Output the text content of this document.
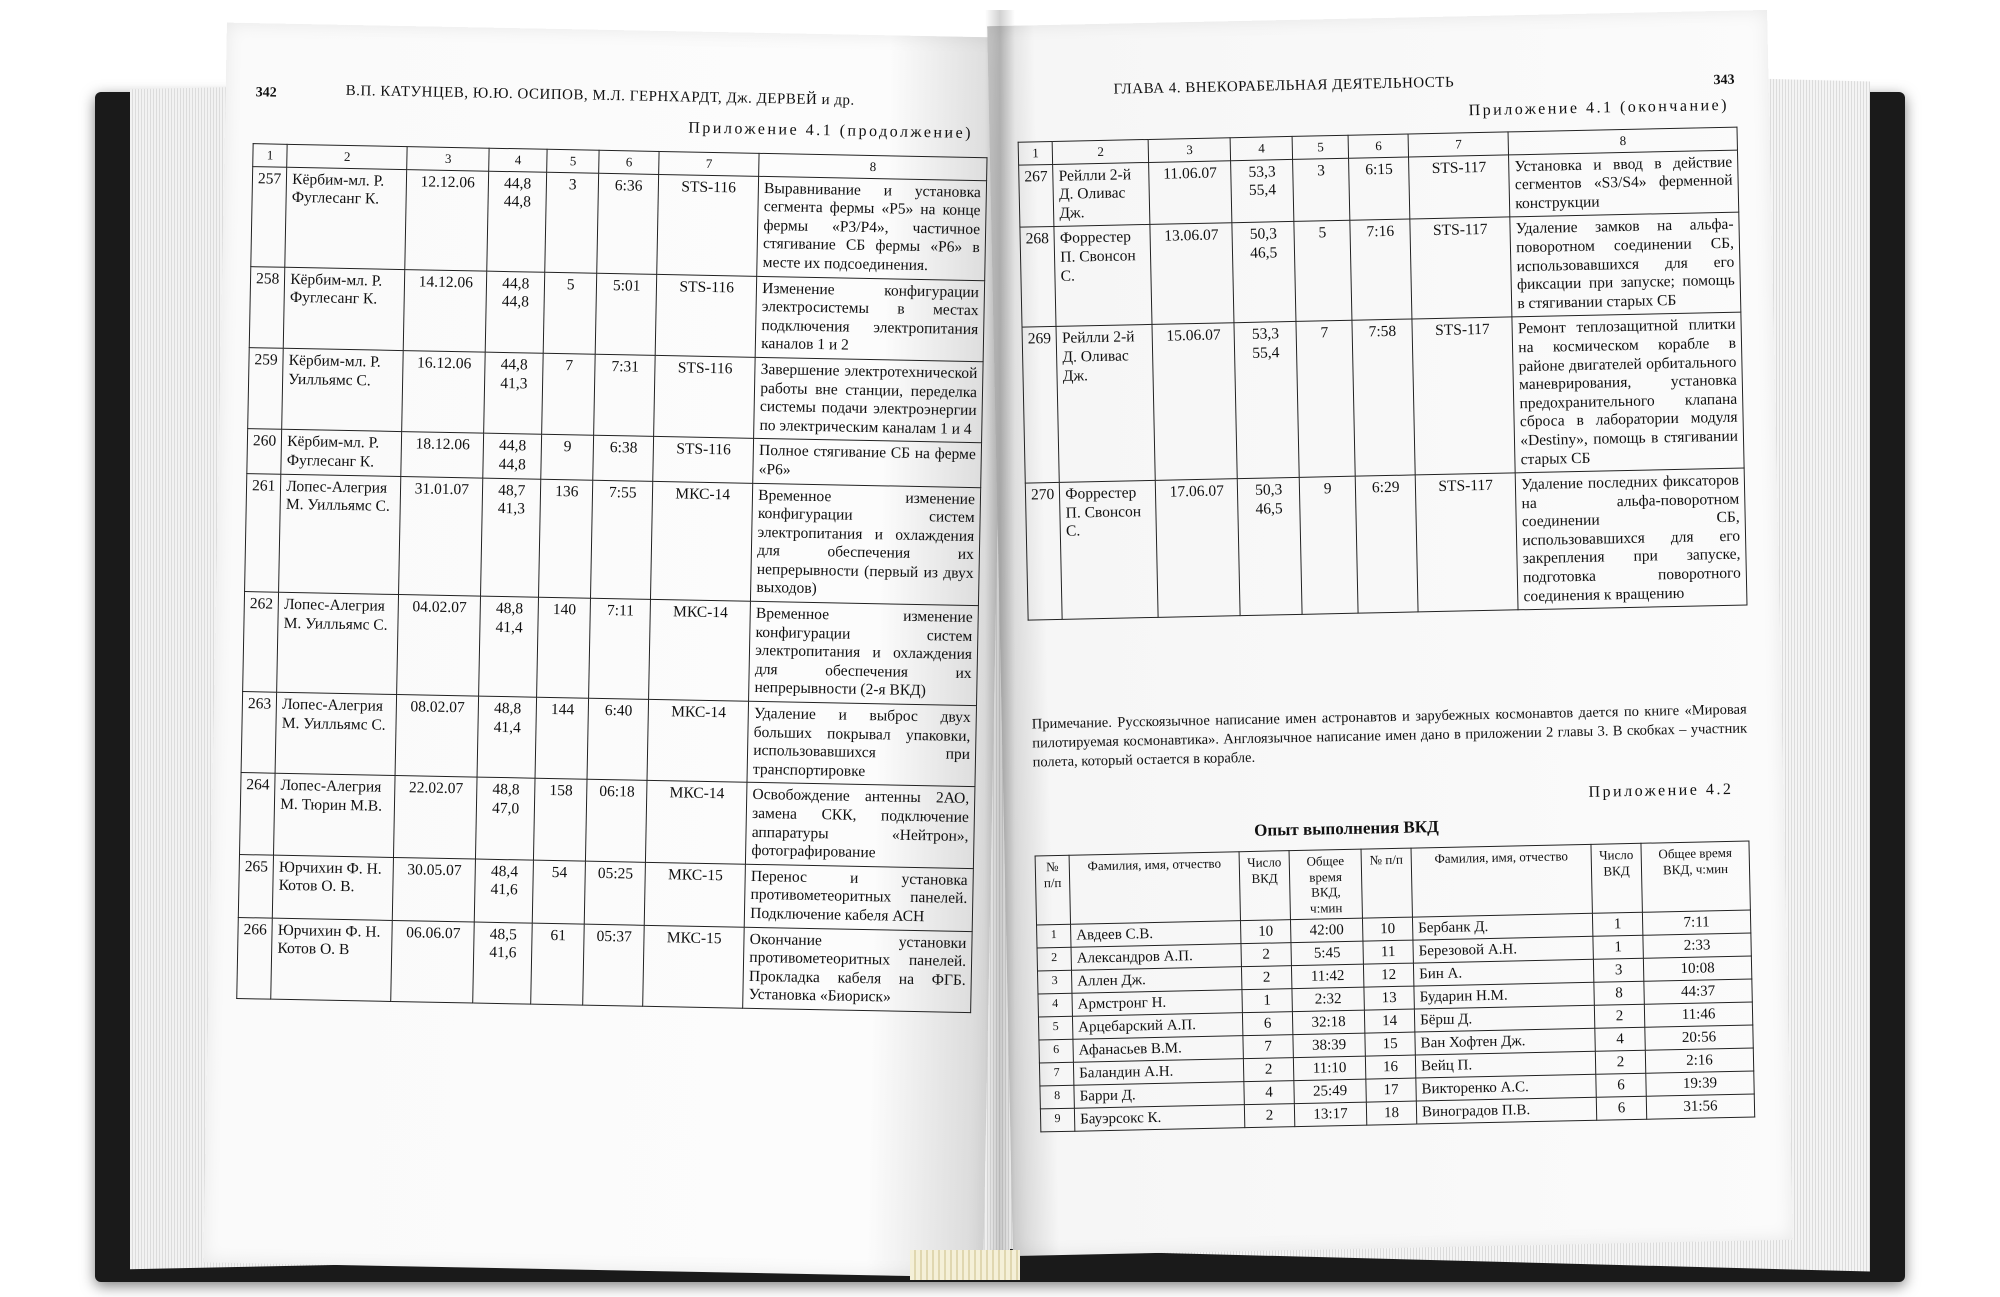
342	В.П. КАТУНЦЕВ, Ю.Ю. ОСИПОВ, М.Л. ГЕРНХАРДТ, Дж. ДЕРВЕЙ и др.
Приложение 4.1 (продолжение)
1	2	3	4	5	6	7	8
257	Кёрбим-мл. Р. Фуглесанг К.	12.12.06	44,8 44,8	3	6:36	STS-116	Выравнивание и установка сегмента фермы «P5» на конце фермы «P3/P4», частичное стягивание СБ фермы «P6» в месте их подсоединения.
258	Кёрбим-мл. Р. Фуглесанг К.	14.12.06	44,8 44,8	5	5:01	STS-116	Изменение конфигурации электросистемы в местах подключения электропитания каналов 1 и 2
259	Кёрбим-мл. Р. Уилльямс С.	16.12.06	44,8 41,3	7	7:31	STS-116	Завершение электротехнической работы вне станции, переделка системы подачи электроэнергии по электрическим каналам 1 и 4
260	Кёрбим-мл. Р. Фуглесанг К.	18.12.06	44,8 44,8	9	6:38	STS-116	Полное стягивание СБ на ферме «P6»
261	Лопес-Алегрия М. Уилльямс С.	31.01.07	48,7 41,3	136	7:55	МКС-14	Временное изменение конфигурации систем электропитания и охлаждения для обеспечения их непрерывности (первый из двух выходов)
262	Лопес-Алегрия М. Уилльямс С.	04.02.07	48,8 41,4	140	7:11	МКС-14	Временное изменение конфигурации систем электропитания и охлаждения для обеспечения их непрерывности (2-я ВКД)
263	Лопес-Алегрия М. Уилльямс С.	08.02.07	48,8 41,4	144	6:40	МКС-14	Удаление и выброс двух больших покрывал упаковки, использовавшихся при транспортировке
264	Лопес-Алегрия М. Тюрин М.В.	22.02.07	48,8 47,0	158	06:18	МКС-14	Освобождение антенны 2АО, замена СКК, подключение аппаратуры «Нейтрон», фотографирование
265	Юрчихин Ф. Н. Котов О. В.	30.05.07	48,4 41,6	54	05:25	МКС-15	Перенос и установка противометеоритных панелей. Подключение кабеля АСН
266	Юрчихин Ф. Н. Котов О. В	06.06.07	48,5 41,6	61	05:37	МКС-15	Окончание установки противометеоритных панелей. Прокладка кабеля на ФГБ. Установка «Биориск»
ГЛАВА 4. ВНЕКОРАБЕЛЬНАЯ ДЕЯТЕЛЬНОСТЬ	343
Приложение 4.1 (окончание)
1	2	3	4	5	6	7	8
267	Рейлли 2-й Д. Оливас Дж.	11.06.07	53,3 55,4	3	6:15	STS-117	Установка и ввод в действие сегментов «S3/S4» ферменной конструкции
268	Форрестер П. Свонсон С.	13.06.07	50,3 46,5	5	7:16	STS-117	Удаление замков на альфа-поворотном соединении СБ, использовавшихся для его фиксации при запуске; помощь в стягивании старых СБ
269	Рейлли 2-й Д. Оливас Дж.	15.06.07	53,3 55,4	7	7:58	STS-117	Ремонт теплозащитной плитки на космическом корабле в районе двигателей орбитального маневрирования, установка предохранительного клапана сброса в лаборатории модуля «Destiny», помощь в стягивании старых СБ
270	Форрестер П. Свонсон С.	17.06.07	50,3 46,5	9	6:29	STS-117	Удаление последних фиксаторов на альфа-поворотном соединении СБ, использовавшихся для его закрепления при запуске, подготовка поворотного соединения к вращению
Примечание. Русскоязычное написание имен астронавтов и зарубежных космонавтов дается по книге «Мировая пилотируемая космонавтика». Англоязычное написание имен дано в приложении 2 главы 3. В скобках – участник полета, который остается в корабле.
Приложение 4.2
Опыт выполнения ВКД
№ п/п	Фамилия, имя, отчество	Число ВКД	Общее время ВКД, ч:мин	№ п/п	Фамилия, имя, отчество	Число ВКД	Общее время ВКД, ч:мин
1	Авдеев С.В.	10	42:00	10	Бербанк Д.	1	7:11
2	Александров А.П.	2	5:45	11	Березовой А.Н.	1	2:33
3	Аллен Дж.	2	11:42	12	Бин А.	3	10:08
4	Армстронг Н.	1	2:32	13	Бударин Н.М.	8	44:37
5	Арцебарский А.П.	6	32:18	14	Бёрш Д.	2	11:46
6	Афанасьев В.М.	7	38:39	15	Ван Хофтен Дж.	4	20:56
7	Баландин А.Н.	2	11:10	16	Вейц П.	2	2:16
8	Барри Д.	4	25:49	17	Викторенко А.С.	6	19:39
9	Бауэрсокс К.	2	13:17	18	Виноградов П.В.	6	31:56
